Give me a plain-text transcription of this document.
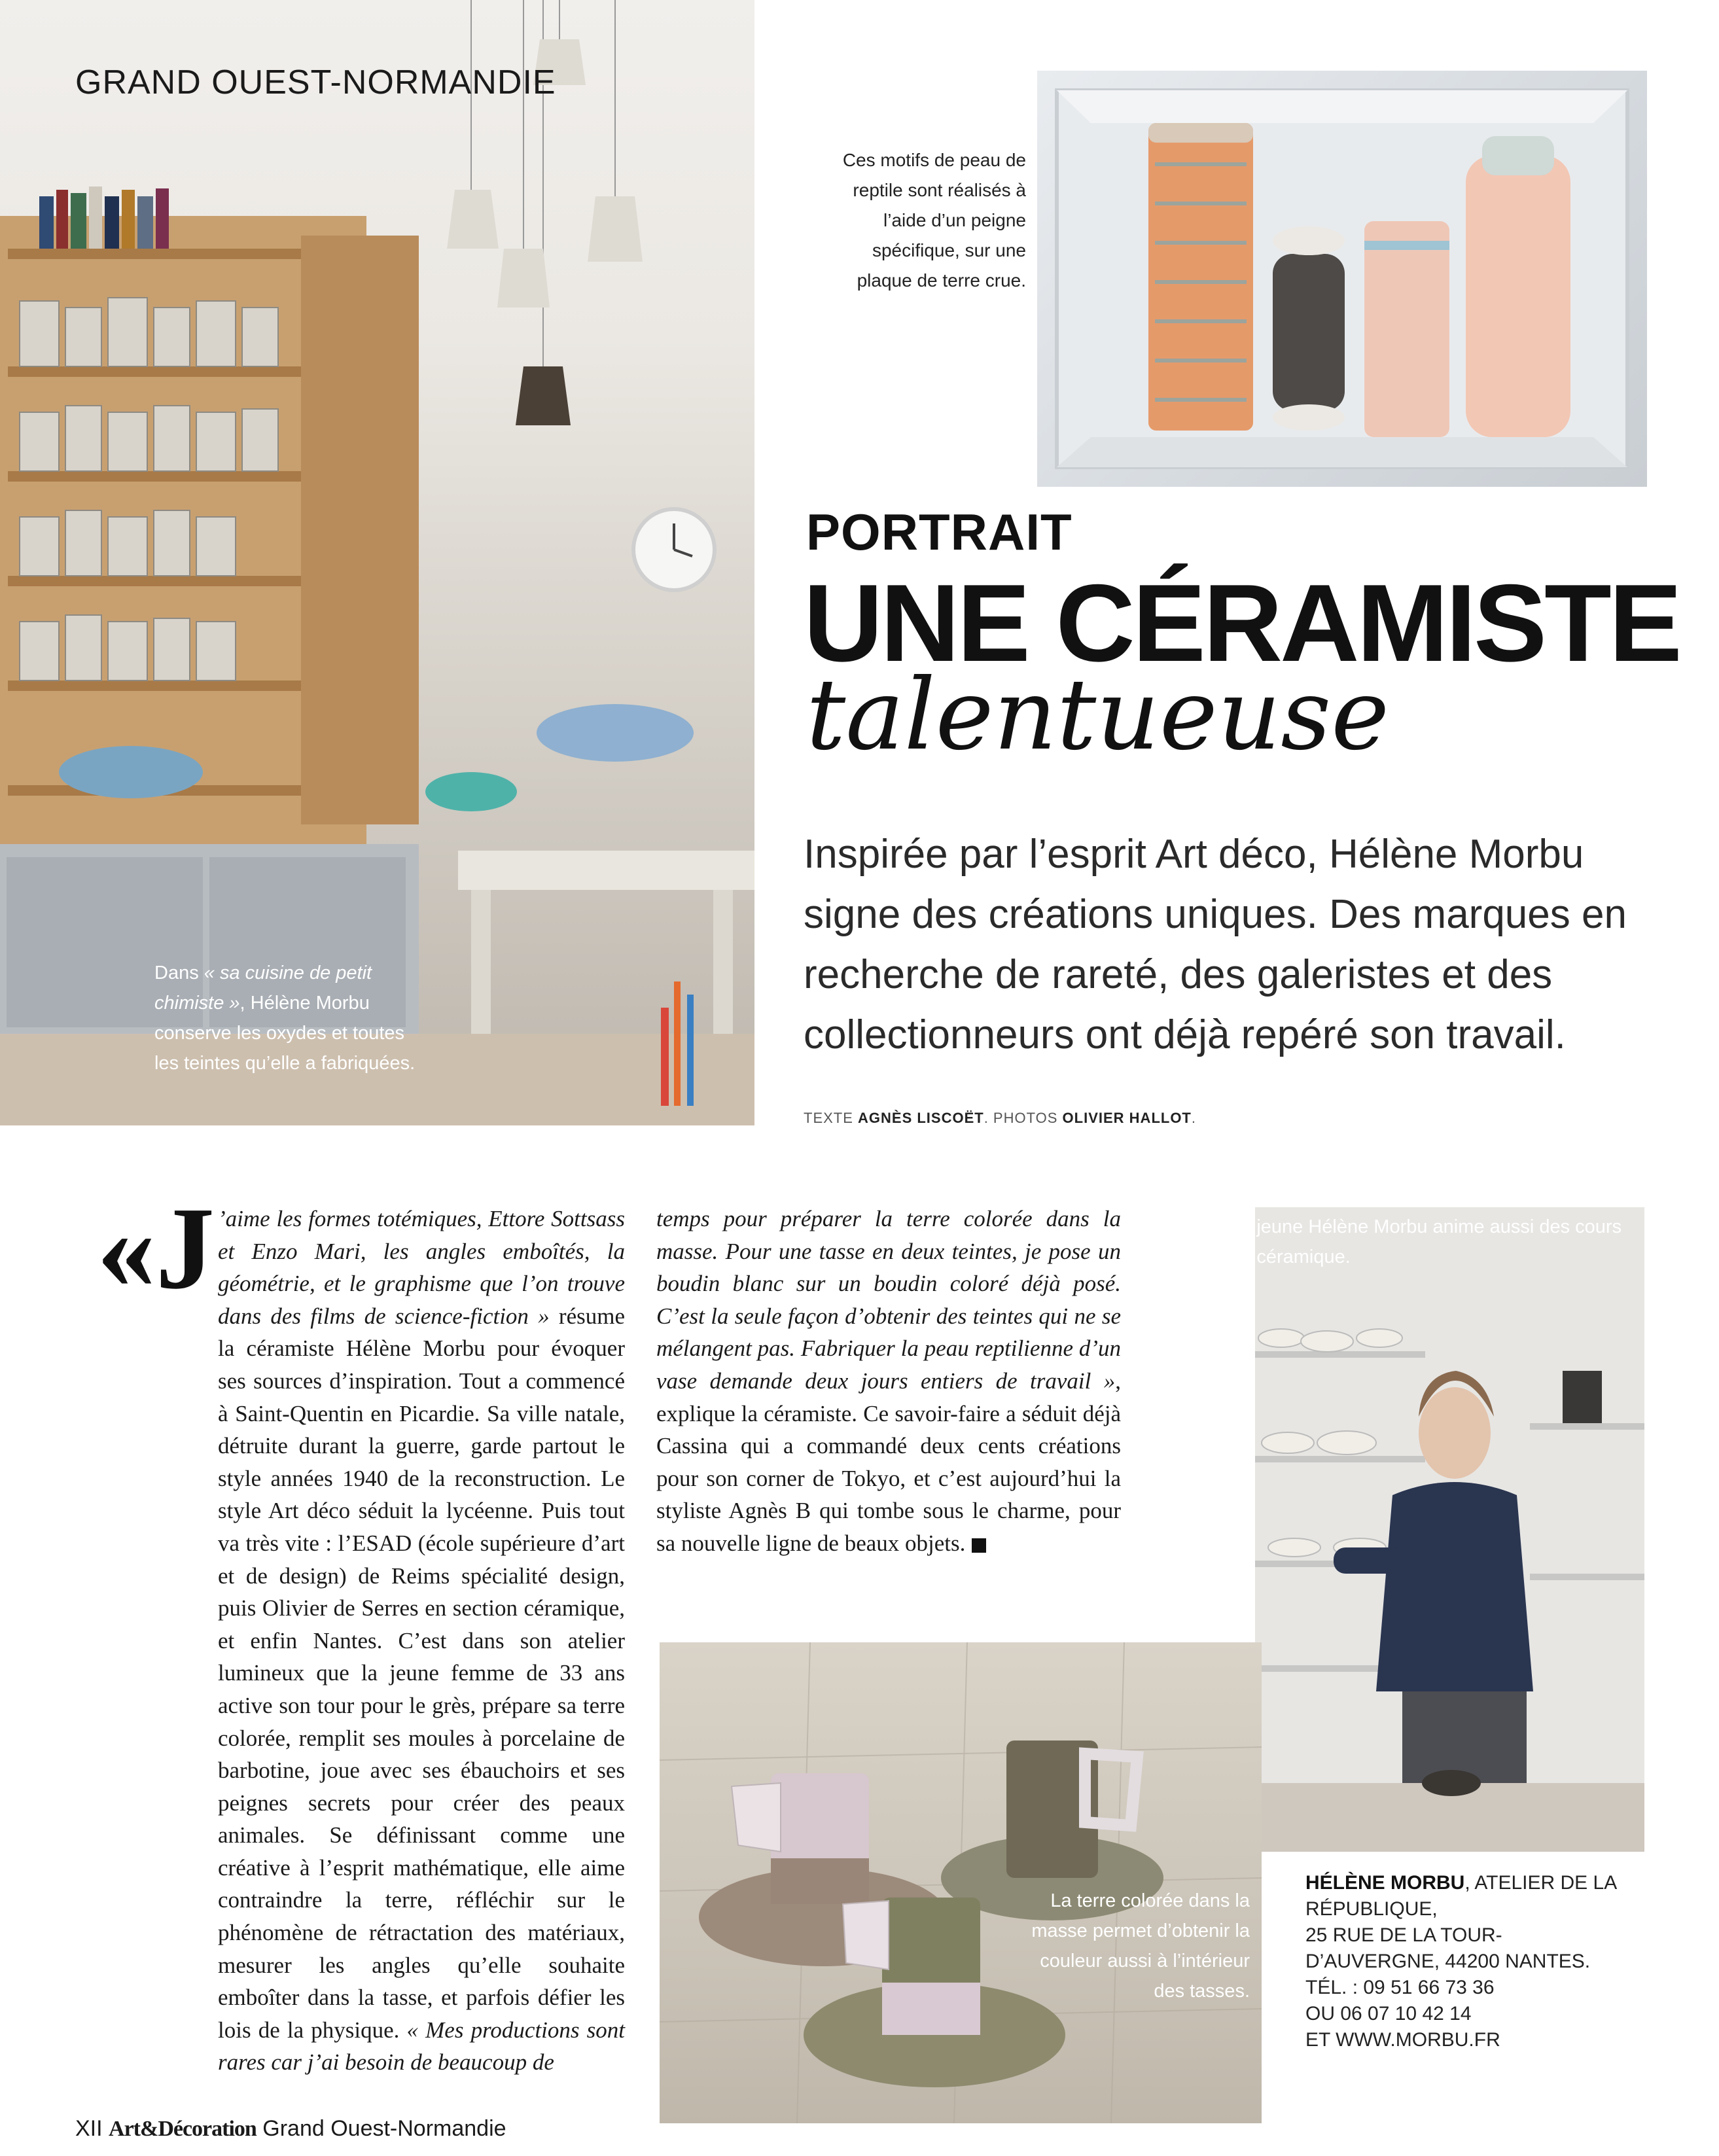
GRAND OUEST-NORMANDIE
Dans « sa cuisine de petit chimiste », Hélène Morbu conserve les oxydes et toutes les teintes qu’elle a fabriquées.
Ces motifs de peau de reptile sont réalisés à l’aide d’un peigne spécifique, sur une plaque de terre crue.
PORTRAIT
UNE CÉRAMISTE
talentueuse
Inspirée par l’esprit Art déco, Hélène Morbu signe des créations uniques. Des marques en recherche de rareté, des galeristes et des collectionneurs ont déjà repéré son travail.
TEXTE AGNÈS LISCOËT. PHOTOS OLIVIER HALLOT.
«J ’aime les formes totémiques, Ettore Sottsass et Enzo Mari, les angles emboîtés, la géométrie, et le graphisme que l’on trouve dans des films de science-fiction » résume la céramiste Hélène Morbu pour évoquer ses sources d’inspiration. Tout a commencé à Saint-Quentin en Picardie. Sa ville natale, détruite durant la guerre, garde partout le style années 1940 de la reconstruction. Le style Art déco séduit la lycéenne. Puis tout va très vite : l’ESAD (école supérieure d’art et de design) de Reims spécialité design, puis Olivier de Serres en section céramique, et enfin Nantes. C’est dans son atelier lumineux que la jeune femme de 33 ans active son tour pour le grès, prépare sa terre colorée, remplit ses moules à porcelaine de barbotine, joue avec ses ébauchoirs et ses peignes secrets pour créer des peaux animales. Se définissant comme une créative à l’esprit mathématique, elle aime contraindre la terre, réfléchir sur le phénomène de rétractation des matériaux, mesurer les angles qu’elle souhaite emboîter dans la tasse, et parfois défier les lois de la physique. « Mes productions sont rares car j’ai besoin de beaucoup de
temps pour préparer la terre colorée dans la masse. Pour une tasse en deux teintes, je pose un boudin blanc sur un boudin coloré déjà posé. C’est la seule façon d’obtenir des teintes qui ne se mélangent pas. Fabriquer la peau reptilienne d’un vase demande deux jours entiers de travail », explique la céramiste. Ce savoir-faire a séduit déjà Cassina qui a commandé deux cents créations pour son corner de Tokyo, et c’est aujourd’hui la styliste Agnès B qui tombe sous le charme, pour sa nouvelle ligne de beaux objets.
La jeune Hélène Morbu anime aussi des cours de céramique.
La terre colorée dans la masse permet d’obtenir la couleur aussi à l’intérieur des tasses.
HÉLÈNE MORBU, ATELIER DE LA RÉPUBLIQUE,
25 RUE DE LA TOUR-
D’AUVERGNE, 44200 NANTES.
TÉL. : 09 51 66 73 36
OU 06 07 10 42 14
ET WWW.MORBU.FR
XII Art&Décoration Grand Ouest-Normandie
